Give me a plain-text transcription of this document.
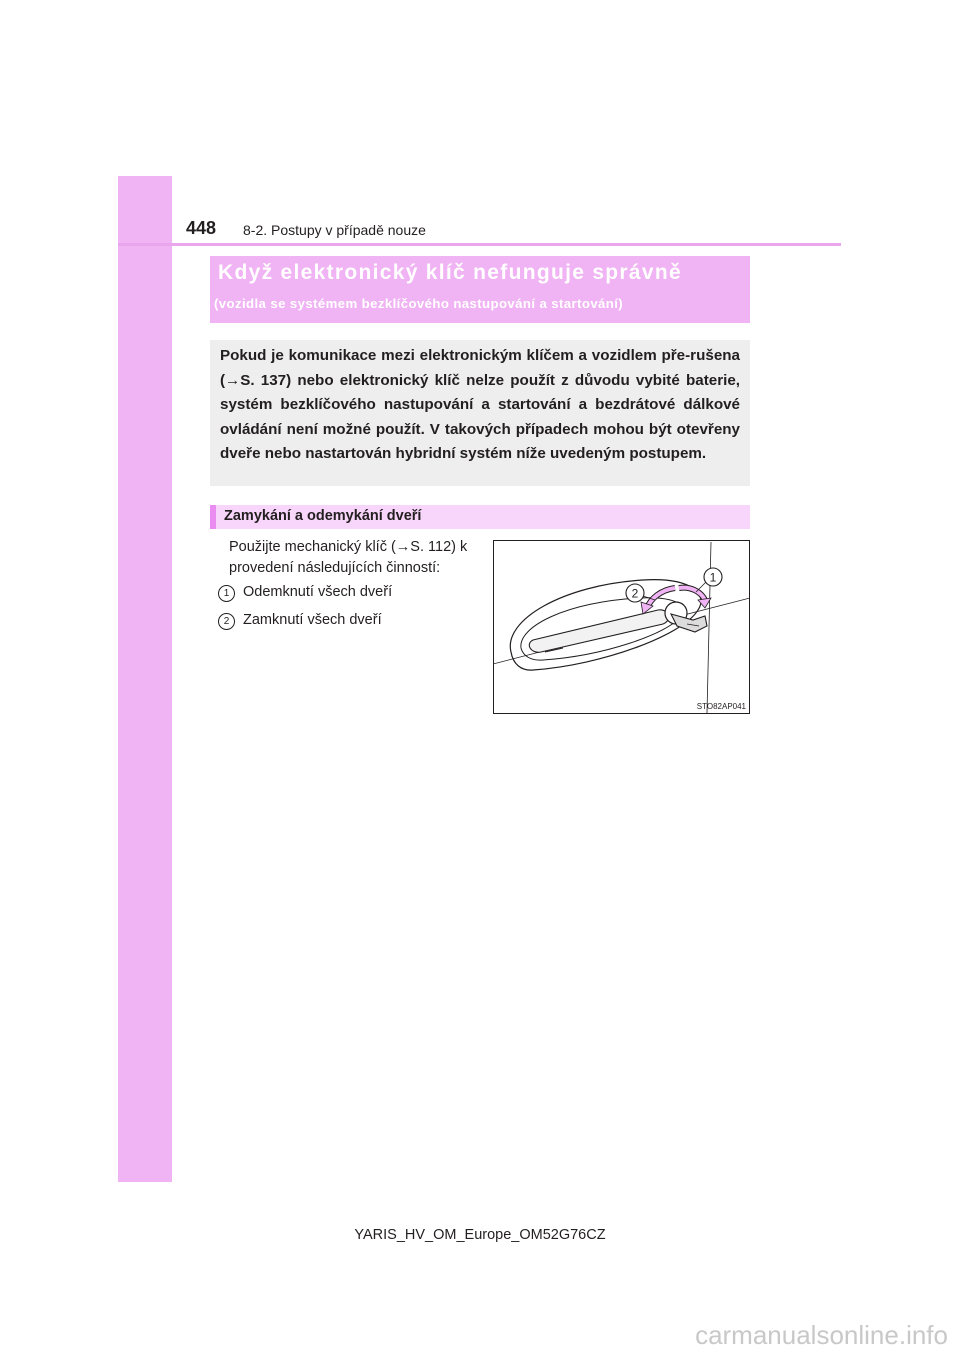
448 8-2. Postupy v případě nouze
Když elektronický klíč nefunguje správně
(vozidla se systémem bezklíčového nastupování a startování)
Pokud je komunikace mezi elektronickým klíčem a vozidlem pře-rušena (→S. 137) nebo elektronický klíč nelze použít z důvodu vybité baterie, systém bezklíčového nastupování a startování a bezdrátové dálkové ovládání není možné použít. V takových případech mohou být otevřeny dveře nebo nastartován hybridní systém níže uvedeným postupem.
Zamykání a odemykání dveří
Použijte mechanický klíč (→S. 112) k provedení následujících činností:
1 Odemknutí všech dveří
2 Zamknutí všech dveří
1
2
STO82AP041
YARIS_HV_OM_Europe_OM52G76CZ
carmanualsonline.info
